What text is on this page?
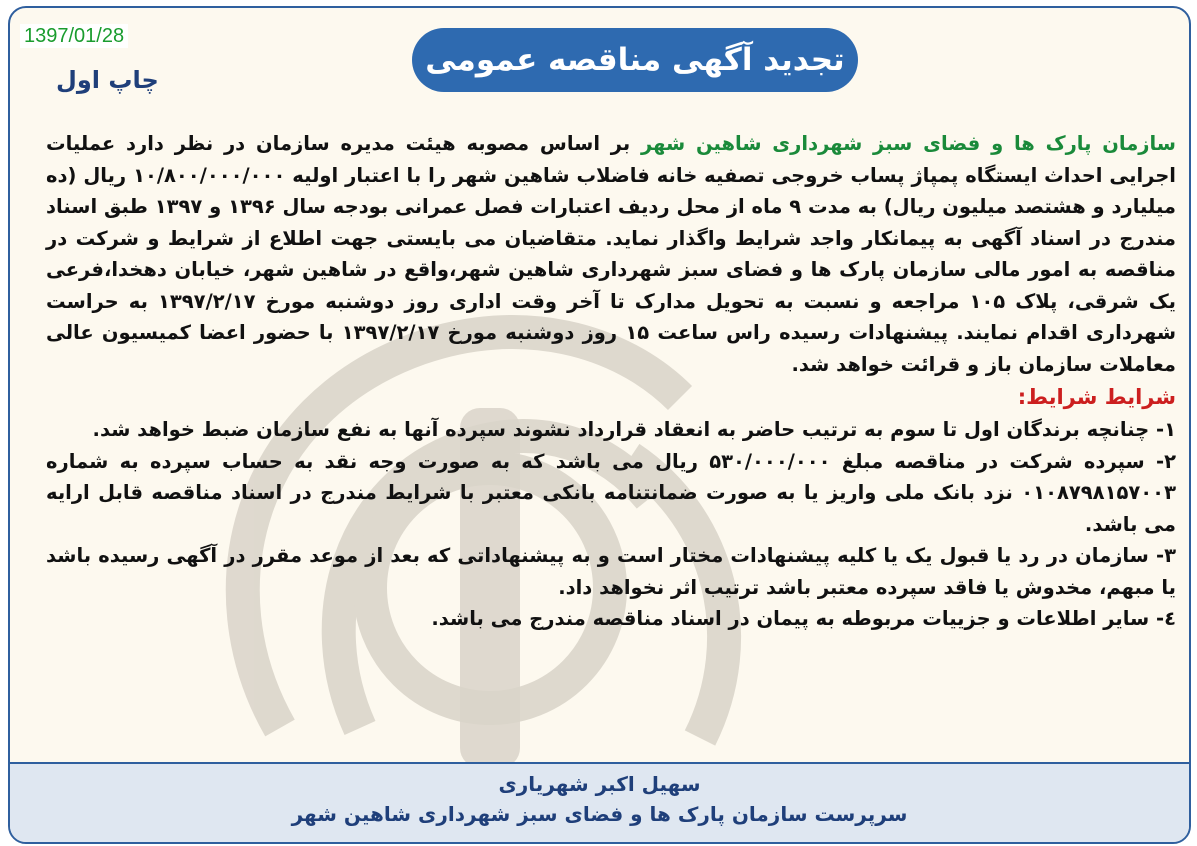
1397/01/28
چاپ اول
تجدید آگهی مناقصه عمومی

سازمان پارک ها و فضای سبز شهرداری شاهین شهر بر اساس مصوبه هیئت مدیره سازمان در نظر دارد عملیات اجرایی احداث ایستگاه پمپاژ پساب خروجی تصفیه خانه فاضلاب شاهین شهر را با اعتبار اولیه ۱۰/۸۰۰/۰۰۰/۰۰۰ ریال (ده میلیارد و هشتصد میلیون ریال) به مدت ۹ ماه از محل ردیف اعتبارات فصل عمرانی بودجه سال ۱۳۹۶ و ۱۳۹۷ طبق اسناد مندرج در اسناد آگهی به پیمانکار واجد شرایط واگذار نماید. متقاضیان می بایستی جهت اطلاع از شرایط و شرکت در مناقصه به امور مالی سازمان پارک ها و فضای سبز شهرداری شاهین شهر،واقع در شاهین شهر، خیابان دهخدا،فرعی یک شرقی، پلاک ۱۰۵ مراجعه و نسبت به تحویل مدارک تا آخر وقت اداری روز دوشنبه مورخ ۱۳۹۷/۲/۱۷ به حراست شهرداری اقدام نمایند. پیشنهادات رسیده راس ساعت ۱۵ روز دوشنبه مورخ ۱۳۹۷/۲/۱۷ با حضور اعضا کمیسیون عالی معاملات سازمان باز و قرائت خواهد شد.

شرایط شرایط:

۱- چنانچه برندگان اول تا سوم به ترتیب حاضر به انعقاد قرارداد نشوند سپرده آنها به نفع سازمان ضبط خواهد شد.

۲- سپرده شرکت در مناقصه مبلغ ۵۳۰/۰۰۰/۰۰۰ ریال می باشد که به صورت وجه نقد به حساب سپرده به شماره ۰۱۰۸۷۹۸۱۵۷۰۰۳ نزد بانک ملی واریز یا به صورت ضمانتنامه بانکی معتبر با شرایط مندرج در اسناد مناقصه قابل ارایه می باشد.

۳- سازمان در رد یا قبول یک یا کلیه پیشنهادات مختار است و به پیشنهاداتی که بعد از موعد مقرر در آگهی رسیده باشد یا مبهم، مخدوش یا فاقد سپرده معتبر باشد ترتیب اثر نخواهد داد.

٤- سایر اطلاعات و جزییات مربوطه به پیمان در اسناد مناقصه مندرج می باشد.

سهیل اکبر شهریاری
سرپرست سازمان پارک ها و فضای سبز شهرداری شاهین شهر
